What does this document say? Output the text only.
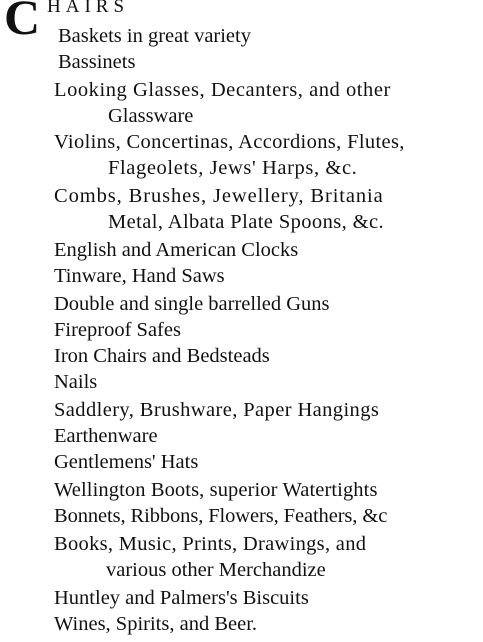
C HAIRS
Baskets in great variety
Bassinets
Looking Glasses, Decanters, and other
Glassware
Violins, Concertinas, Accordions, Flutes,
Flageolets, Jews' Harps, &c.
Combs, Brushes, Jewellery, Britania
Metal, Albata Plate Spoons, &c.
English and American Clocks
Tinware, Hand Saws
Double and single barrelled Guns
Fireproof Safes
Iron Chairs and Bedsteads
Nails
Saddlery, Brushware, Paper Hangings
Earthenware
Gentlemens' Hats
Wellington Boots, superior Watertights
Bonnets, Ribbons, Flowers, Feathers, &c
Books, Music, Prints, Drawings, and
various other Merchandize
Huntley and Palmers's Biscuits
Wines, Spirits, and Beer.
